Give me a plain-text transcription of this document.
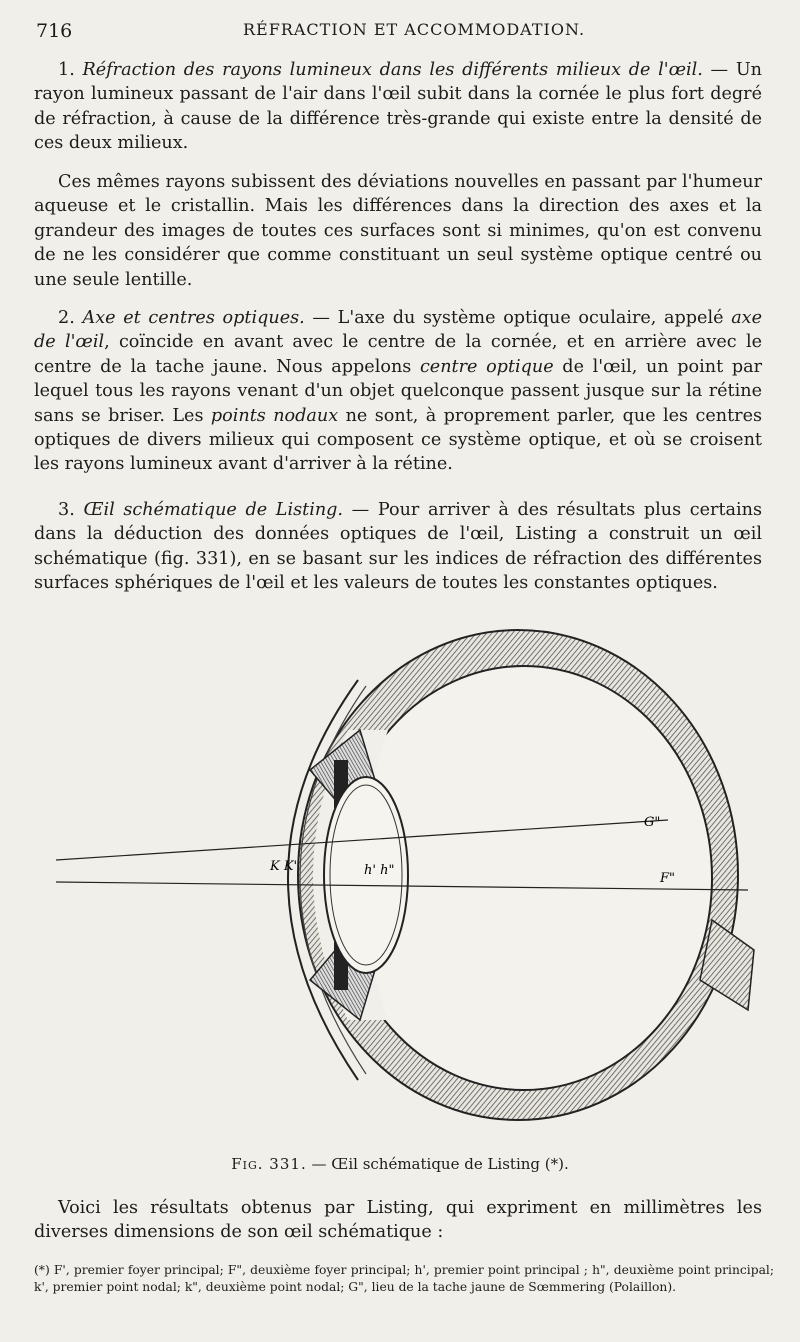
716	RÉFRACTION ET ACCOMMODATION.

1. Réfraction des rayons lumineux dans les différents milieux de l'œil. — Un rayon lumineux passant de l'air dans l'œil subit dans la cornée le plus fort degré de réfraction, à cause de la différence très-grande qui existe entre la densité de ces deux milieux.

Ces mêmes rayons subissent des déviations nouvelles en passant par l'humeur aqueuse et le cristallin. Mais les différences dans la direction des axes et la grandeur des images de toutes ces surfaces sont si minimes, qu'on est convenu de ne les considérer que comme constituant un seul système optique centré ou une seule lentille.

2. Axe et centres optiques. — L'axe du système optique oculaire, appelé axe de l'œil, coïncide en avant avec le centre de la cornée, et en arrière avec le centre de la tache jaune. Nous appelons centre optique de l'œil, un point par lequel tous les rayons venant d'un objet quelconque passent jusque sur la rétine sans se briser. Les points nodaux ne sont, à proprement parler, que les centres optiques de divers milieux qui composent ce système optique, et où se croisent les rayons lumineux avant d'arriver à la rétine.

3. Œil schématique de Listing. — Pour arriver à des résultats plus certains dans la déduction des données optiques de l'œil, Listing a construit un œil schématique (fig. 331), en se basant sur les indices de réfraction des différentes surfaces sphériques de l'œil et les valeurs de toutes les constantes optiques.

K K'	h' h"
G"
F"
Fig. 331. — Œil schématique de Listing (*).

Voici les résultats obtenus par Listing, qui expriment en millimètres les diverses dimensions de son œil schématique :

(*) F', premier foyer principal; F", deuxième foyer principal; h', premier point principal ; h", deuxième point principal; k', premier point nodal; k", deuxième point nodal; G", lieu de la tache jaune de Sœmmering (Polaillon).
